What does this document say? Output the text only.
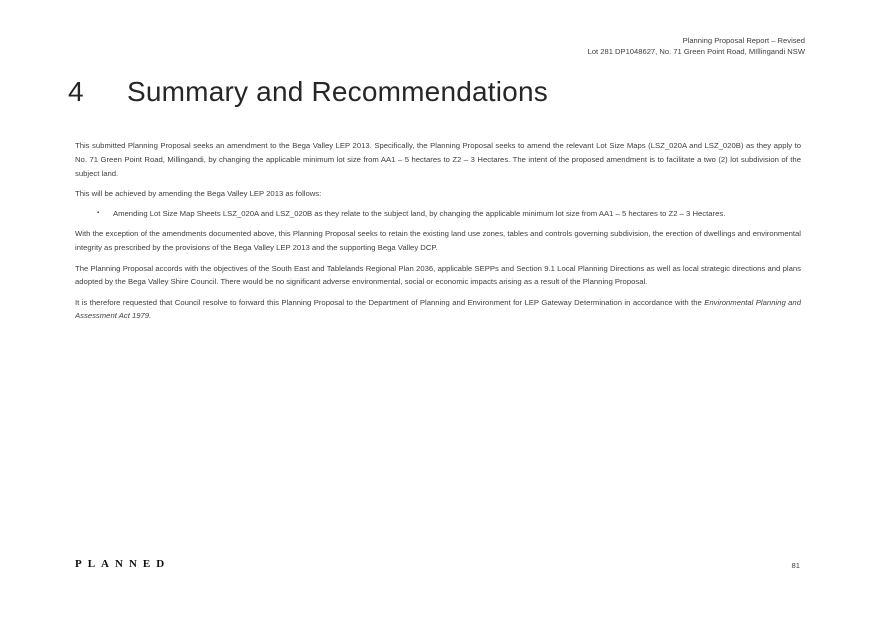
Planning Proposal Report – Revised
Lot 281 DP1048627, No. 71 Green Point Road, MIllingandi NSW
4 Summary and Recommendations

This submitted Planning Proposal seeks an amendment to the Bega Valley LEP 2013. Specifically, the Planning Proposal seeks to amend the relevant Lot Size Maps (LSZ_020A and LSZ_020B) as they apply to No. 71 Green Point Road, Millingandi, by changing the applicable minimum lot size from AA1 – 5 hectares to Z2 – 3 Hectares. The intent of the proposed amendment is to facilitate a two (2) lot subdivision of the subject land.

This will be achieved by amending the Bega Valley LEP 2013 as follows:

▪	Amending Lot Size Map Sheets LSZ_020A and LSZ_020B as they relate to the subject land, by changing the applicable minimum lot size from AA1 – 5 hectares to Z2 – 3 Hectares.

With the exception of the amendments documented above, this Planning Proposal seeks to retain the existing land use zones, tables and controls governing subdivision, the erection of dwellings and environmental integrity as prescribed by the provisions of the Bega Valley LEP 2013 and the supporting Bega Valley DCP.

The Planning Proposal accords with the objectives of the South East and Tablelands Regional Plan 2036, applicable SEPPs and Section 9.1 Local Planning Directions as well as local strategic directions and plans adopted by the Bega Valley Shire Council. There would be no significant adverse environmental, social or economic impacts arising as a result of the Planning Proposal.

It is therefore requested that Council resolve to forward this Planning Proposal to the Department of Planning and Environment for LEP Gateway Determination in accordance with the Environmental Planning and Assessment Act 1979.

PLANNED	81
